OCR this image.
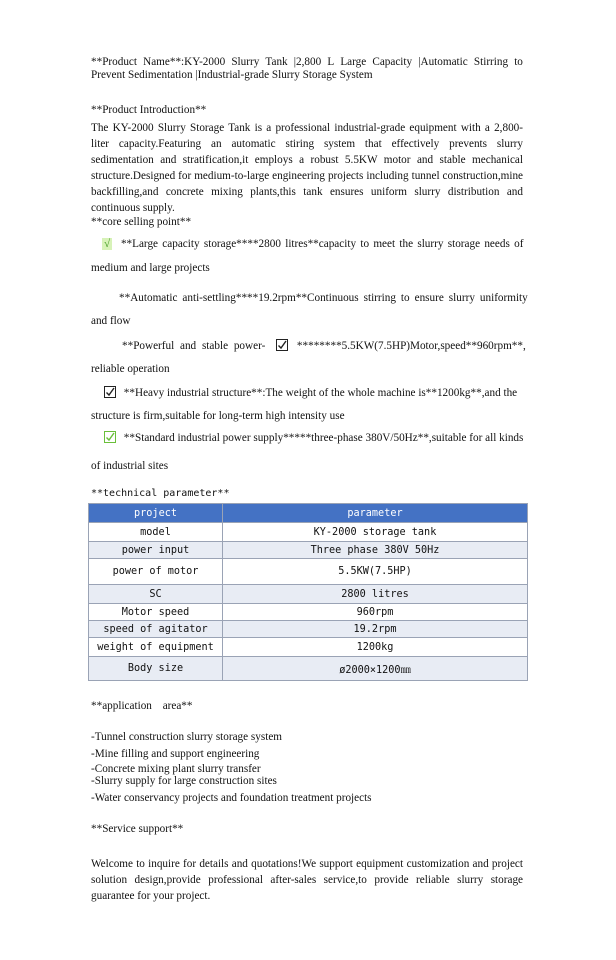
**Product Name**:KY-2000 Slurry Tank |2,800 L Large Capacity |Automatic Stirring to
Prevent Sedimentation |Industrial-grade Slurry Storage System
**Product Introduction**
The KY-2000 Slurry Storage Tank is a professional industrial-grade equipment with a 2,800-liter capacity.Featuring an automatic stiring system that effectively prevents slurry sedimentation and stratification,it employs a robust 5.5KW motor and stable mechanical structure.Designed for medium-to-large engineering projects including tunnel construction,mine backfilling,and concrete mixing plants,this tank ensures uniform slurry distribution and continuous supply.
**core selling point**
√ **Large capacity storage****2800 litres**capacity to meet the slurry storage needs of
medium and large projects
**Automatic anti-settling****19.2rpm**Continuous stirring to ensure slurry uniformity
and flow
**Powerful and stable power-	********5.5KW(7.5HP)Motor,speed**960rpm**,
reliable operation
**Heavy industrial structure**:The weight of the whole machine is**1200kg**,and the
structure is firm,suitable for long-term high intensity use
**Standard industrial power supply*****three-phase 380V/50Hz**,suitable for all kinds
of industrial sites
**technical parameter**
project	parameter
model	KY-2000 storage tank
power input	Three phase 380V 50Hz
power of motor	5.5KW(7.5HP)
SC	2800 litres
Motor speed	960rpm
speed of agitator	19.2rpm
weight of equipment	1200kg
Body size	ø2000×1200㎜
**application area**
-Tunnel construction slurry storage system
-Mine filling and support engineering
-Concrete mixing plant slurry transfer
-Slurry supply for large construction sites
-Water conservancy projects and foundation treatment projects
**Service support**
Welcome to inquire for details and quotations!We support equipment customization and project solution design,provide professional after-sales service,to provide reliable slurry storage guarantee for your project.
